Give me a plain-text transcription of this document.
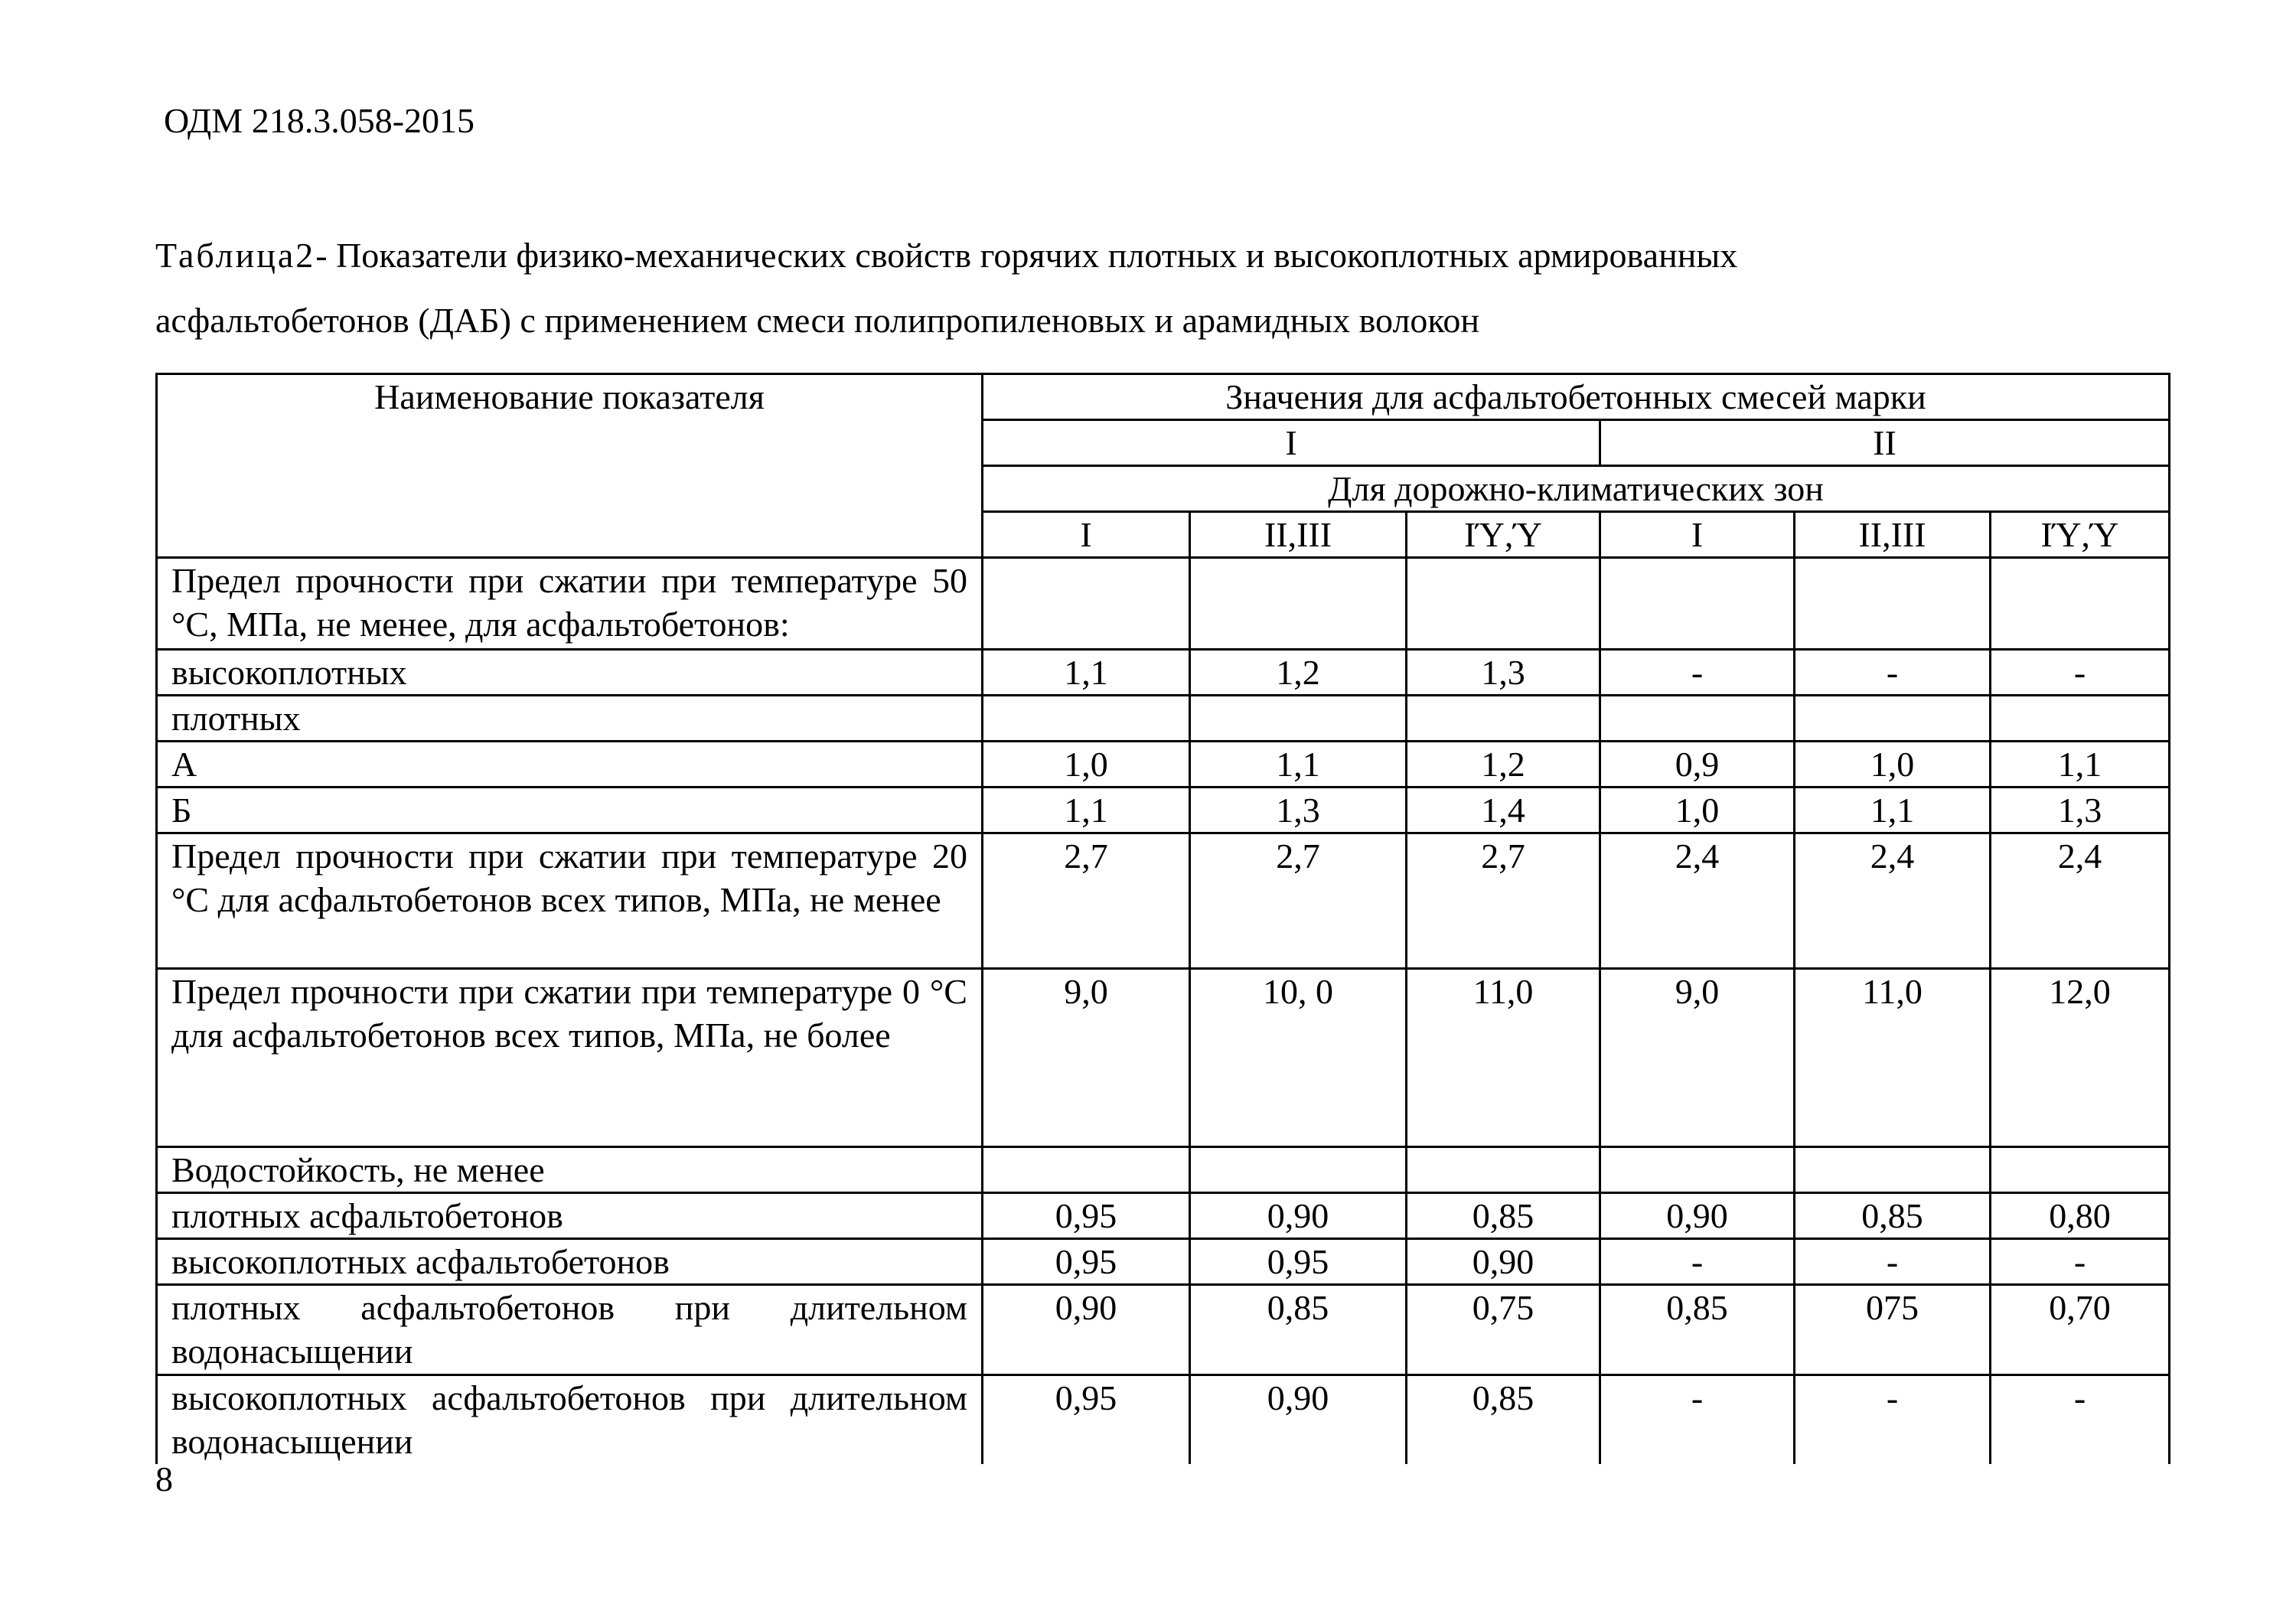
ОДМ 218.3.058-2015
Таблица2- Показатели физико-механических свойств горячих плотных и высокоплотных армированных
асфальтобетонов (ДАБ) с применением смеси полипропиленовых и арамидных волокон
Наименование показателя	Значения для асфальтобетонных смесей марки					
	I			II		
	Для дорожно-климатических зон					
	I	II,III	ΙΎ,Ύ	I	II,III	ΙΎ,Ύ
Предел прочности при сжатии при температуре 50 °С, МПа, не менее, для асфальтобетонов:						
высокоплотных	1,1	1,2	1,3	-	-	-
плотных						
А	1,0	1,1	1,2	0,9	1,0	1,1
Б	1,1	1,3	1,4	1,0	1,1	1,3
Предел прочности при сжатии при температуре 20 °С для асфальтобетонов всех типов, МПа, не менее	2,7	2,7	2,7	2,4	2,4	2,4
Предел прочности при сжатии при температуре 0 °С для асфальтобетонов всех типов, МПа, не более	9,0	10, 0	11,0	9,0	11,0	12,0
Водостойкость, не менее						
плотных асфальтобетонов	0,95	0,90	0,85	0,90	0,85	0,80
высокоплотных асфальтобетонов	0,95	0,95	0,90	-	-	-
плотных асфальтобетонов при длительном водонасыщении	0,90	0,85	0,75	0,85	075	0,70
высокоплотных асфальтобетонов при длительном водонасыщении	0,95	0,90	0,85	-	-	-
8
